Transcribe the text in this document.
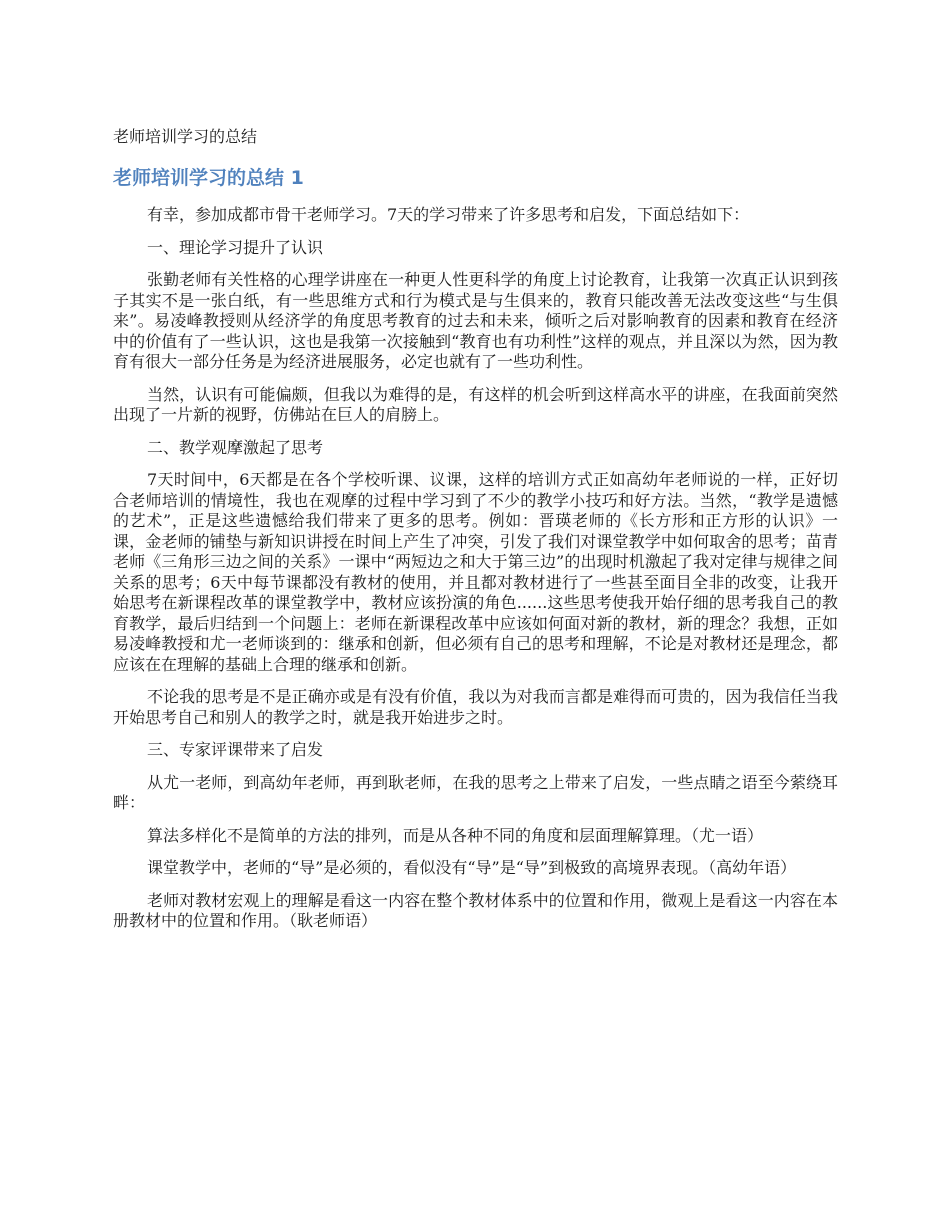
老师培训学习的总结

老师培训学习的总结 1

有幸，参加成都市骨干老师学习。7天的学习带来了许多思考和启发，下面总结如下：

一、理论学习提升了认识

张勤老师有关性格的心理学讲座在一种更人性更科学的角度上讨论教育，让我第一次真正认识到孩子其实不是一张白纸，有一些思维方式和行为模式是与生俱来的，教育只能改善无法改变这些“与生俱来”。易凌峰教授则从经济学的角度思考教育的过去和未来，倾听之后对影响教育的因素和教育在经济中的价值有了一些认识，这也是我第一次接触到“教育也有功利性”这样的观点，并且深以为然，因为教育有很大一部分任务是为经济进展服务，必定也就有了一些功利性。

当然，认识有可能偏颇，但我以为难得的是，有这样的机会听到这样高水平的讲座，在我面前突然出现了一片新的视野，仿佛站在巨人的肩膀上。

二、教学观摩激起了思考

7天时间中，6天都是在各个学校听课、议课，这样的培训方式正如高幼年老师说的一样，正好切合老师培训的情境性，我也在观摩的过程中学习到了不少的教学小技巧和好方法。当然，“教学是遗憾的艺术”，正是这些遗憾给我们带来了更多的思考。例如：晋瑛老师的《长方形和正方形的认识》一课，金老师的铺垫与新知识讲授在时间上产生了冲突，引发了我们对课堂教学中如何取舍的思考；苗青老师《三角形三边之间的关系》一课中“两短边之和大于第三边”的出现时机激起了我对定律与规律之间关系的思考；6天中每节课都没有教材的使用，并且都对教材进行了一些甚至面目全非的改变，让我开始思考在新课程改革的课堂教学中，教材应该扮演的角色......这些思考使我开始仔细的思考我自己的教育教学，最后归结到一个问题上：老师在新课程改革中应该如何面对新的教材，新的理念？我想，正如易凌峰教授和尤一老师谈到的：继承和创新，但必须有自己的思考和理解，不论是对教材还是理念，都应该在在理解的基础上合理的继承和创新。

不论我的思考是不是正确亦或是有没有价值，我以为对我而言都是难得而可贵的，因为我信任当我开始思考自己和别人的教学之时，就是我开始进步之时。

三、专家评课带来了启发

从尤一老师，到高幼年老师，再到耿老师，在我的思考之上带来了启发，一些点睛之语至今萦绕耳畔：

算法多样化不是简单的方法的排列，而是从各种不同的角度和层面理解算理。（尤一语）

课堂教学中，老师的“导”是必须的，看似没有“导”是“导”到极致的高境界表现。（高幼年语）

老师对教材宏观上的理解是看这一内容在整个教材体系中的位置和作用，微观上是看这一内容在本册教材中的位置和作用。（耿老师语）
